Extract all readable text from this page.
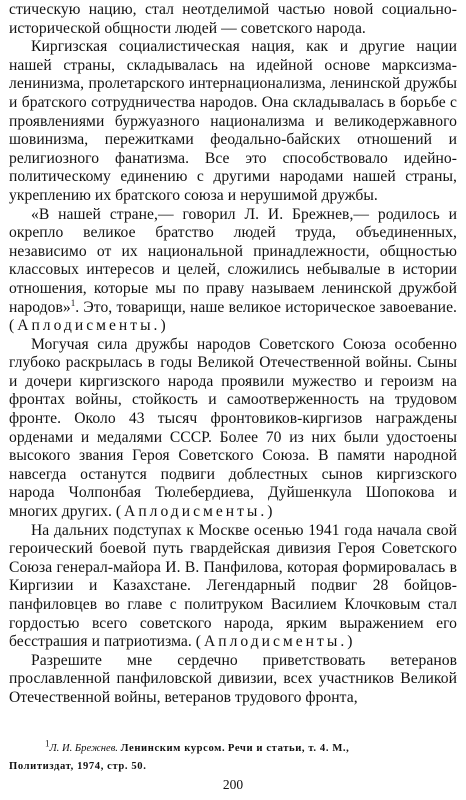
стическую нацию, стал неотделимой частью новой социально-исторической общности людей — советского народа.

Киргизская социалистическая нация, как и другие нации нашей страны, складывалась на идейной основе марксизма-ленинизма, пролетарского интернационализма, ленинской дружбы и братского сотрудничества народов. Она складывалась в борьбе с проявлениями буржуазного национализма и великодержавного шовинизма, пережитками феодально-байских отношений и религиозного фанатизма. Все это способствовало идейно-политическому единению с другими народами нашей страны, укреплению их братского союза и нерушимой дружбы.

«В нашей стране,— говорил Л. И. Брежнев,— родилось и окрепло великое братство людей труда, объединенных, независимо от их национальной принадлежности, общностью классовых интересов и целей, сложились небывалые в истории отношения, которые мы по праву называем ленинской дружбой народов»$^1$. Это, товарищи, наше великое историческое завоевание. (Аплодисменты.)

Могучая сила дружбы народов Советского Союза особенно глубоко раскрылась в годы Великой Отечественной войны. Сыны и дочери киргизского народа проявили мужество и героизм на фронтах войны, стойкость и самоотверженность на трудовом фронте. Около 43 тысяч фронтовиков-киргизов награждены орденами и медалями СССР. Более 70 из них были удостоены высокого звания Героя Советского Союза. В памяти народной навсегда останутся подвиги доблестных сынов киргизского народа Чолпонбая Тюлебердиева, Дуйшенкула Шопокова и многих других. (Аплодисменты.)

На дальних подступах к Москве осенью 1941 года начала свой героический боевой путь гвардейская дивизия Героя Советского Союза генерал-майора И. В. Панфилова, которая формировалась в Киргизии и Казахстане. Легендарный подвиг 28 бойцов-панфиловцев во главе с политруком Василием Клочковым стал гордостью всего советского народа, ярким выражением его бесстрашия и патриотизма. (Аплодисменты.)

Разрешите мне сердечно приветствовать ветеранов прославленной панфиловской дивизии, всех участников Великой Отечественной войны, ветеранов трудового фронта,

$^1$Л. И. Брежнев. Ленинским курсом. Речи и статьи, т. 4. М.,

Политиздат, 1974, стр. 50.

200
